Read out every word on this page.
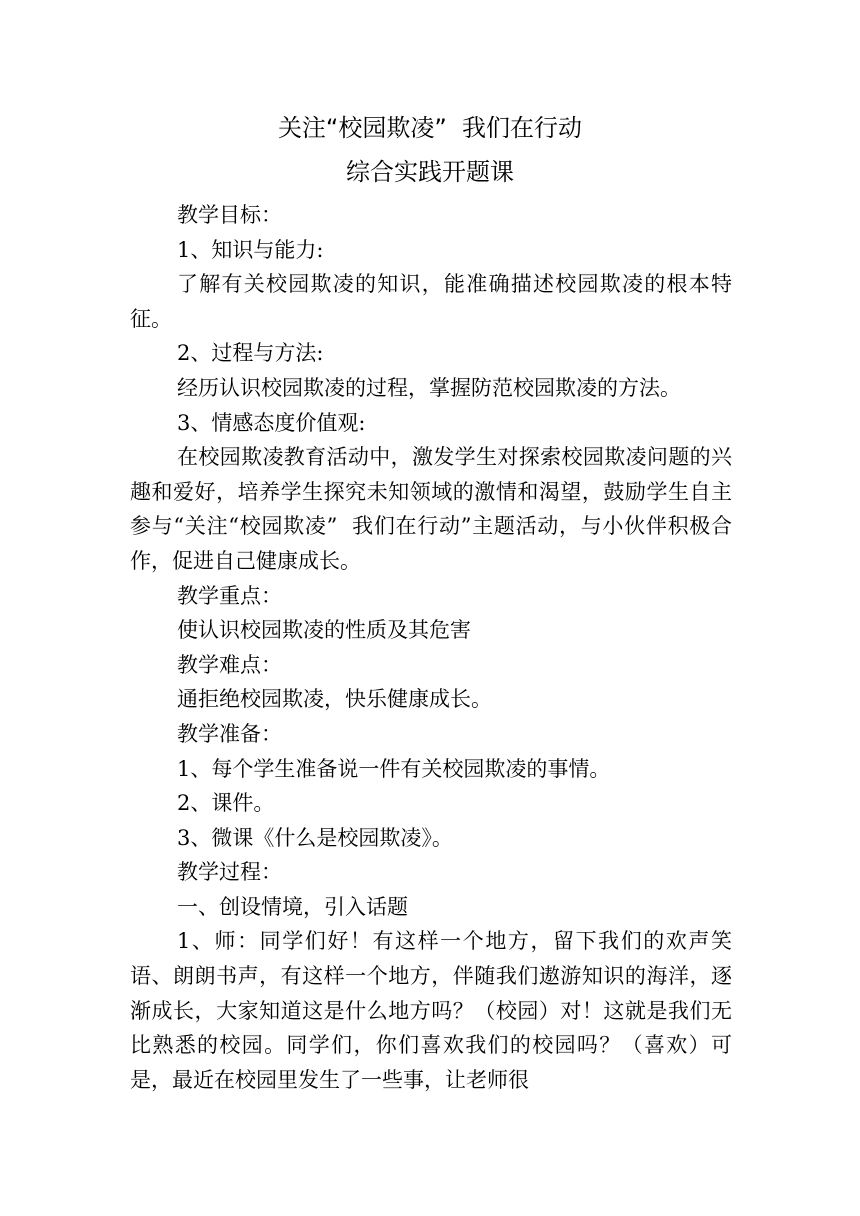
关注“校园欺凌”  我们在行动
综合实践开题课

教学目标：

1、知识与能力:

了解有关校园欺凌的知识，能准确描述校园欺凌的根本特征。

2、过程与方法:

经历认识校园欺凌的过程，掌握防范校园欺凌的方法。

3、情感态度价值观:

在校园欺凌教育活动中，激发学生对探索校园欺凌问题的兴趣和爱好，培养学生探究未知领域的激情和渴望，鼓励学生自主参与“关注“校园欺凌”  我们在行动”主题活动，与小伙伴积极合作，促进自己健康成长。

教学重点：

使认识校园欺凌的性质及其危害

教学难点：

通拒绝校园欺凌，快乐健康成长。

教学准备：

1、每个学生准备说一件有关校园欺凌的事情。

2、课件。

3、微课《什么是校园欺凌》。

教学过程：

一、创设情境，引入话题

1、师：同学们好！有这样一个地方，留下我们的欢声笑语、朗朗书声，有这样一个地方，伴随我们遨游知识的海洋，逐渐成长，大家知道这是什么地方吗？（校园）对！这就是我们无比熟悉的校园。同学们，你们喜欢我们的校园吗？（喜欢）可是，最近在校园里发生了一些事，让老师很
